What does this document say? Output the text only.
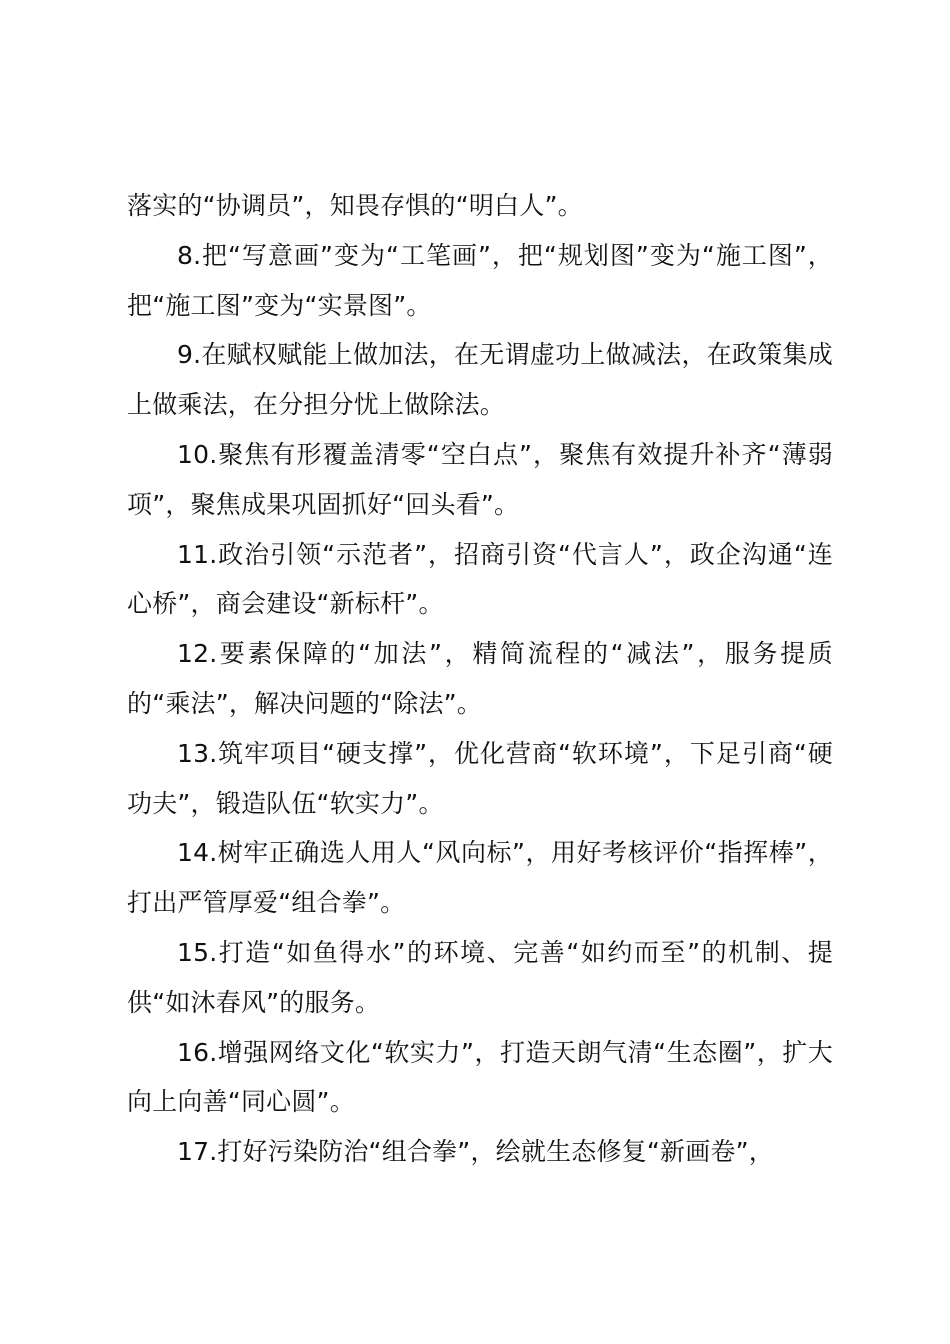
落实的“协调员”，知畏存惧的“明白人”。

8.把“写意画”变为“工笔画”，把“规划图”变为“施工图”，把“施工图”变为“实景图”。

9.在赋权赋能上做加法，在无谓虚功上做减法，在政策集成上做乘法，在分担分忧上做除法。

10.聚焦有形覆盖清零“空白点”，聚焦有效提升补齐“薄弱项”，聚焦成果巩固抓好“回头看”。

11.政治引领“示范者”，招商引资“代言人”，政企沟通“连心桥”，商会建设“新标杆”。

12.要素保障的“加法”，精简流程的“减法”，服务提质的“乘法”，解决问题的“除法”。

13.筑牢项目“硬支撑”，优化营商“软环境”，下足引商“硬功夫”，锻造队伍“软实力”。

14.树牢正确选人用人“风向标”，用好考核评价“指挥棒”，打出严管厚爱“组合拳”。

15.打造“如鱼得水”的环境、完善“如约而至”的机制、提供“如沐春风”的服务。

16.增强网络文化“软实力”，打造天朗气清“生态圈”，扩大向上向善“同心圆”。

17.打好污染防治“组合拳”，绘就生态修复“新画卷”，
